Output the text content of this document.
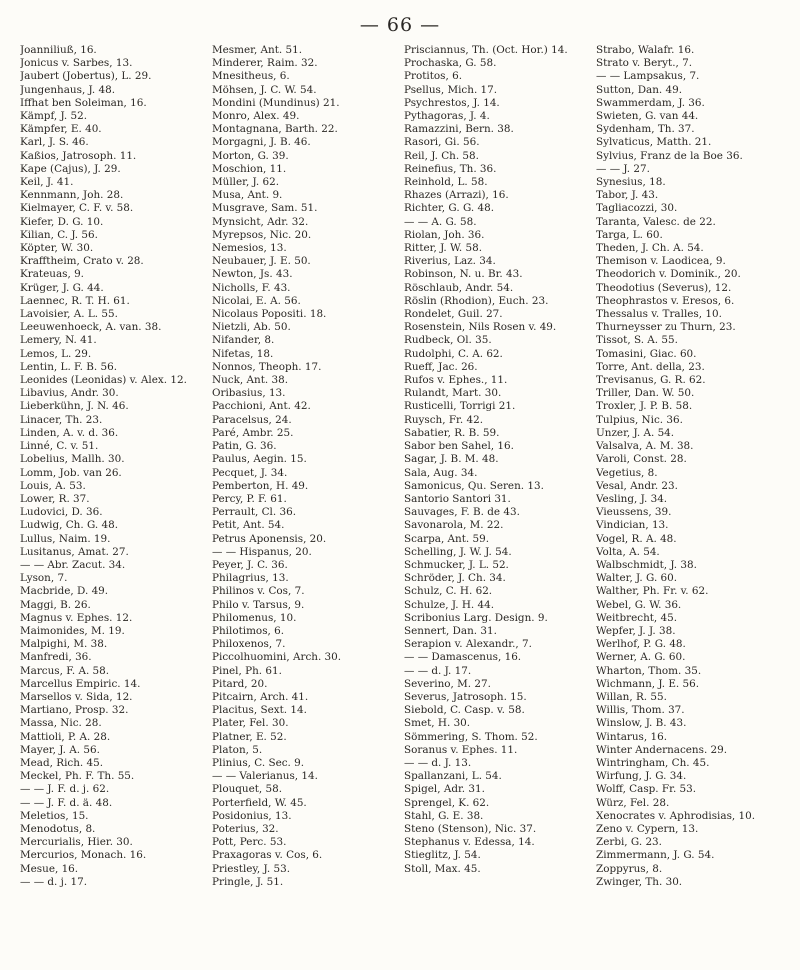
— 66 —
Joanniliuß, 16.
Jonicus v. Sarbes, 13.
Jaubert (Jobertus), L. 29.
Jungenhaus, J. 48.
Iffhat ben Soleiman, 16.
Kämpf, J. 52.
Kämpfer, E. 40.
Karl, J. S. 46.
Kaßios, Jatrosoph. 11.
Kape (Cajus), J. 29.
Keil, J. 41.
Kennmann, Joh. 28.
Kielmayer, C. F. v. 58.
Kiefer, D. G. 10.
Kilian, C. J. 56.
Köpter, W. 30.
Krafftheim, Crato v. 28.
Krateuas, 9.
Krüger, J. G. 44.
Laennec, R. T. H. 61.
Lavoisier, A. L. 55.
Leeuwenhoeck, A. van. 38.
Lemery, N. 41.
Lemos, L. 29.
Lentin, L. F. B. 56.
Leonides (Leonidas) v. Alex. 12.
Libavius, Andr. 30.
Lieberkühn, J. N. 46.
Linacer, Th. 23.
Linden, A. v. d. 36.
Linné, C. v. 51.
Lobelius, Mallh. 30.
Lomm, Job. van 26.
Louis, A. 53.
Lower, R. 37.
Ludovici, D. 36.
Ludwig, Ch. G. 48.
Lullus, Naim. 19.
Lusitanus, Amat. 27.
— — Abr. Zacut. 34.
Lyson, 7.
Macbride, D. 49.
Maggi, B. 26.
Magnus v. Ephes. 12.
Maimonides, M. 19.
Malpighi, M. 38.
Manfredi, 36.
Marcus, F. A. 58.
Marcellus Empiric. 14.
Marsellos v. Sida, 12.
Martiano, Prosp. 32.
Massa, Nic. 28.
Mattioli, P. A. 28.
Mayer, J. A. 56.
Mead, Rich. 45.
Meckel, Ph. F. Th. 55.
— — J. F. d. j. 62.
— — J. F. d. ä. 48.
Meletios, 15.
Menodotus, 8.
Mercurialis, Hier. 30.
Mercurios, Monach. 16.
Mesue, 16.
— — d. j. 17.
Mesmer, Ant. 51.
Minderer, Raim. 32.
Mnesitheus, 6.
Möhsen, J. C. W. 54.
Mondini (Mundinus) 21.
Monro, Alex. 49.
Montagnana, Barth. 22.
Morgagni, J. B. 46.
Morton, G. 39.
Moschion, 11.
Müller, J. 62.
Musa, Ant. 9.
Musgrave, Sam. 51.
Mynsicht, Adr. 32.
Myrepsos, Nic. 20.
Nemesios, 13.
Neubauer, J. E. 50.
Newton, Js. 43.
Nicholls, F. 43.
Nicolai, E. A. 56.
Nicolaus Popositi. 18.
Nietzli, Ab. 50.
Nifander, 8.
Nifetas, 18.
Nonnos, Theoph. 17.
Nuck, Ant. 38.
Oribasius, 13.
Pacchioni, Ant. 42.
Paracelsus, 24.
Paré, Ambr. 25.
Patin, G. 36.
Paulus, Aegin. 15.
Pecquet, J. 34.
Pemberton, H. 49.
Percy, P. F. 61.
Perrault, Cl. 36.
Petit, Ant. 54.
Petrus Aponensis, 20.
— — Hispanus, 20.
Peyer, J. C. 36.
Philagrius, 13.
Philinos v. Cos, 7.
Philo v. Tarsus, 9.
Philomenus, 10.
Philotimos, 6.
Philoxenos, 7.
Piccolhuomini, Arch. 30.
Pinel, Ph. 61.
Pitard, 20.
Pitcairn, Arch. 41.
Placitus, Sext. 14.
Plater, Fel. 30.
Platner, E. 52.
Platon, 5.
Plinius, C. Sec. 9.
— — Valerianus, 14.
Plouquet, 58.
Porterfield, W. 45.
Posidonius, 13.
Poterius, 32.
Pott, Perc. 53.
Praxagoras v. Cos, 6.
Priestley, J. 53.
Pringle, J. 51.
Prisciannus, Th. (Oct. Hor.) 14.
Prochaska, G. 58.
Protitos, 6.
Psellus, Mich. 17.
Psychrestos, J. 14.
Pythagoras, J. 4.
Ramazzini, Bern. 38.
Rasori, Gi. 56.
Reil, J. Ch. 58.
Reinefius, Th. 36.
Reinhold, L. 58.
Rhazes (Arrazi), 16.
Richter, G. G. 48.
— — A. G. 58.
Riolan, Joh. 36.
Ritter, J. W. 58.
Riverius, Laz. 34.
Robinson, N. u. Br. 43.
Röschlaub, Andr. 54.
Röslin (Rhodion), Euch. 23.
Rondelet, Guil. 27.
Rosenstein, Nils Rosen v. 49.
Rudbeck, Ol. 35.
Rudolphi, C. A. 62.
Rueff, Jac. 26.
Rufos v. Ephes., 11.
Rulandt, Mart. 30.
Rusticelli, Torrigi 21.
Ruysch, Fr. 42.
Sabatier, R. B. 59.
Sabor ben Sahel, 16.
Sagar, J. B. M. 48.
Sala, Aug. 34.
Samonicus, Qu. Seren. 13.
Santorio Santori 31.
Sauvages, F. B. de 43.
Savonarola, M. 22.
Scarpa, Ant. 59.
Schelling, J. W. J. 54.
Schmucker, J. L. 52.
Schröder, J. Ch. 34.
Schulz, C. H. 62.
Schulze, J. H. 44.
Scribonius Larg. Design. 9.
Sennert, Dan. 31.
Serapion v. Alexandr., 7.
— — Damascenus, 16.
— — d. J. 17.
Severino, M. 27.
Severus, Jatrosoph. 15.
Siebold, C. Casp. v. 58.
Smet, H. 30.
Sömmering, S. Thom. 52.
Soranus v. Ephes. 11.
— — d. J. 13.
Spallanzani, L. 54.
Spigel, Adr. 31.
Sprengel, K. 62.
Stahl, G. E. 38.
Steno (Stenson), Nic. 37.
Stephanus v. Edessa, 14.
Stieglitz, J. 54.
Stoll, Max. 45.
Strabo, Walafr. 16.
Strato v. Beryt., 7.
— — Lampsakus, 7.
Sutton, Dan. 49.
Swammerdam, J. 36.
Swieten, G. van 44.
Sydenham, Th. 37.
Sylvaticus, Matth. 21.
Sylvius, Franz de la Boe 36.
— — J. 27.
Synesius, 18.
Tabor, J. 43.
Tagliacozzi, 30.
Taranta, Valesc. de 22.
Targa, L. 60.
Theden, J. Ch. A. 54.
Themison v. Laodicea, 9.
Theodorich v. Dominik., 20.
Theodotius (Severus), 12.
Theophrastos v. Eresos, 6.
Thessalus v. Tralles, 10.
Thurneysser zu Thurn, 23.
Tissot, S. A. 55.
Tomasini, Giac. 60.
Torre, Ant. della, 23.
Trevisanus, G. R. 62.
Triller, Dan. W. 50.
Troxler, J. P. B. 58.
Tulpius, Nic. 36.
Unzer, J. A. 54.
Valsalva, A. M. 38.
Varoli, Const. 28.
Vegetius, 8.
Vesal, Andr. 23.
Vesling, J. 34.
Vieussens, 39.
Vindician, 13.
Vogel, R. A. 48.
Volta, A. 54.
Walbschmidt, J. 38.
Walter, J. G. 60.
Walther, Ph. Fr. v. 62.
Webel, G. W. 36.
Weitbrecht, 45.
Wepfer, J. J. 38.
Werlhof, P. G. 48.
Werner, A. G. 60.
Wharton, Thom. 35.
Wichmann, J. E. 56.
Willan, R. 55.
Willis, Thom. 37.
Winslow, J. B. 43.
Wintarus, 16.
Winter Andernacens. 29.
Wintringham, Ch. 45.
Wirfung, J. G. 34.
Wolff, Casp. Fr. 53.
Würz, Fel. 28.
Xenocrates v. Aphrodisias, 10.
Zeno v. Cypern, 13.
Zerbi, G. 23.
Zimmermann, J. G. 54.
Zoppyrus, 8.
Zwinger, Th. 30.
